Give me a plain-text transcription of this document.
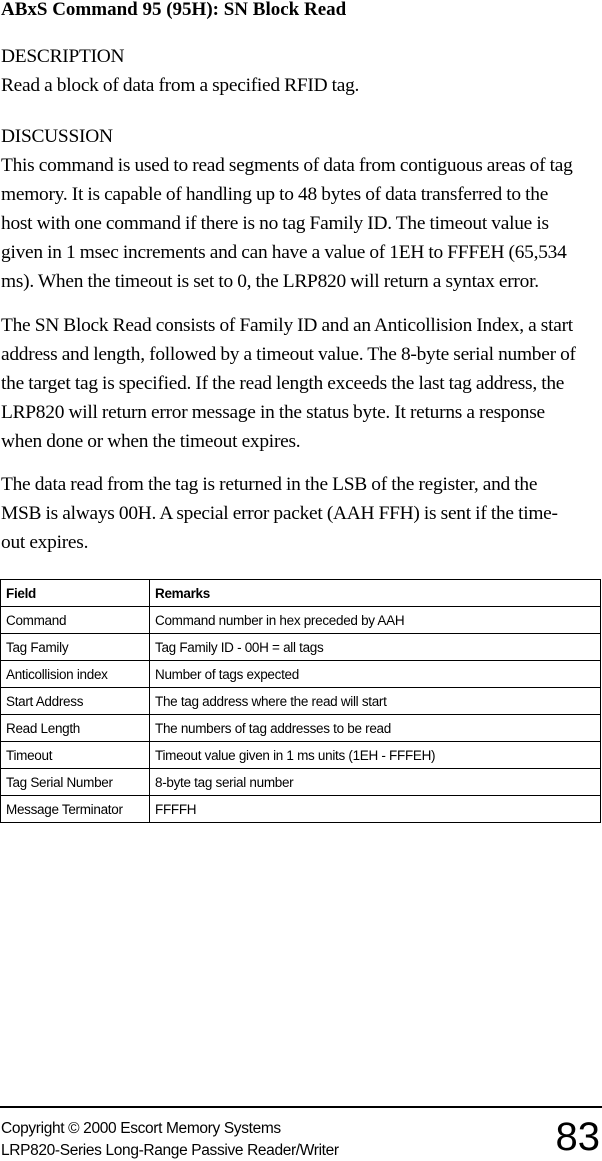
ABxS Command 95 (95H): SN Block Read
DESCRIPTION
Read a block of data from a specified RFID tag.
DISCUSSION
This command is used to read segments of data from contiguous areas of tag
memory. It is capable of handling up to 48 bytes of data transferred to the
host with one command if there is no tag Family ID. The timeout value is
given in 1 msec increments and can have a value of 1EH to FFFEH (65,534
ms). When the timeout is set to 0, the LRP820 will return a syntax error.
The SN Block Read consists of Family ID and an Anticollision Index, a start
address and length, followed by a timeout value. The 8-byte serial number of
the target tag is specified. If the read length exceeds the last tag address, the
LRP820 will return error message in the status byte. It returns a response
when done or when the timeout expires.
The data read from the tag is returned in the LSB of the register, and the
MSB is always 00H. A special error packet (AAH FFH) is sent if the time-
out expires.
Field	Remarks
Command	Command number in hex preceded by AAH
Tag Family	Tag Family ID - 00H = all tags
Anticollision index	Number of tags expected
Start Address	The tag address where the read will start
Read Length	The numbers of tag addresses to be read
Timeout	Timeout value given in 1 ms units (1EH - FFFEH)
Tag Serial Number	8-byte tag serial number
Message Terminator	FFFFH
Copyright © 2000 Escort Memory Systems
LRP820-Series Long-Range Passive Reader/Writer	83
